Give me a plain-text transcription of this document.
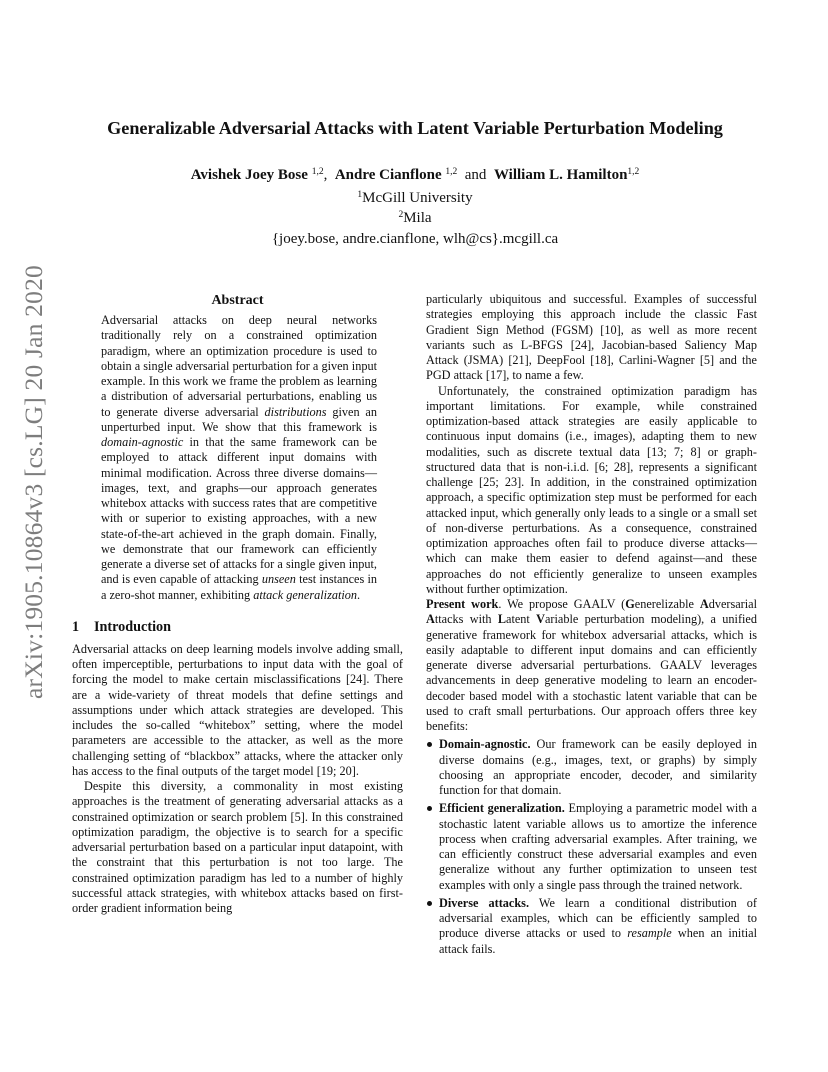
arXiv:1905.10864v3 [cs.LG] 20 Jan 2020
Generalizable Adversarial Attacks with Latent Variable Perturbation Modeling
Avishek Joey Bose $^{1,2}$, Andre Cianflone $^{1,2}$ and William L. Hamilton$^{1,2}$
$^1$McGill University
$^2$Mila
{joey.bose, andre.cianflone, wlh@cs}.mcgill.ca

Abstract

Adversarial attacks on deep neural networks traditionally rely on a constrained optimization paradigm, where an optimization procedure is used to obtain a single adversarial perturbation for a given input example. In this work we frame the problem as learning a distribution of adversarial perturbations, enabling us to generate diverse adversarial distributions given an unperturbed input. We show that this framework is domain-agnostic in that the same framework can be employed to attack different input domains with minimal modification. Across three diverse domains—images, text, and graphs—our approach generates whitebox attacks with success rates that are competitive with or superior to existing approaches, with a new state-of-the-art achieved in the graph domain. Finally, we demonstrate that our framework can efficiently generate a diverse set of attacks for a single given input, and is even capable of attacking unseen test instances in a zero-shot manner, exhibiting attack generalization.

1 Introduction

Adversarial attacks on deep learning models involve adding small, often imperceptible, perturbations to input data with the goal of forcing the model to make certain misclassifications [24]. There are a wide-variety of threat models that define settings and assumptions under which attack strategies are developed. This includes the so-called “whitebox” setting, where the model parameters are accessible to the attacker, as well as the more challenging setting of “blackbox” attacks, where the attacker only has access to the final outputs of the target model [19; 20].

Despite this diversity, a commonality in most existing approaches is the treatment of generating adversarial attacks as a constrained optimization or search problem [5]. In this constrained optimization paradigm, the objective is to search for a specific adversarial perturbation based on a particular input datapoint, with the constraint that this perturbation is not too large. The constrained optimization paradigm has led to a number of highly successful attack strategies, with whitebox attacks based on first-order gradient information being

particularly ubiquitous and successful. Examples of successful strategies employing this approach include the classic Fast Gradient Sign Method (FGSM) [10], as well as more recent variants such as L-BFGS [24], Jacobian-based Saliency Map Attack (JSMA) [21], DeepFool [18], Carlini-Wagner [5] and the PGD attack [17], to name a few.

Unfortunately, the constrained optimization paradigm has important limitations. For example, while constrained optimization-based attack strategies are easily applicable to continuous input domains (i.e., images), adapting them to new modalities, such as discrete textual data [13; 7; 8] or graph-structured data that is non-i.i.d. [6; 28], represents a significant challenge [25; 23]. In addition, in the constrained optimization approach, a specific optimization step must be performed for each attacked input, which generally only leads to a single or a small set of non-diverse perturbations. As a consequence, constrained optimization approaches often fail to produce diverse attacks—which can make them easier to defend against—and these approaches do not efficiently generalize to unseen examples without further optimization.

Present work. We propose GAALV (Generelizable Adversarial Attacks with Latent Variable perturbation modeling), a unified generative framework for whitebox adversarial attacks, which is easily adaptable to different input domains and can efficiently generate diverse adversarial perturbations. GAALV leverages advancements in deep generative modeling to learn an encoder-decoder based model with a stochastic latent variable that can be used to craft small perturbations. Our approach offers three key benefits:

Domain-agnostic. Our framework can be easily deployed in diverse domains (e.g., images, text, or graphs) by simply choosing an appropriate encoder, decoder, and similarity function for that domain.
Efficient generalization. Employing a parametric model with a stochastic latent variable allows us to amortize the inference process when crafting adversarial examples. After training, we can efficiently construct these adversarial examples and even generalize without any further optimization to unseen test examples with only a single pass through the trained network.
Diverse attacks. We learn a conditional distribution of adversarial examples, which can be efficiently sampled to produce diverse attacks or used to resample when an initial attack fails.
